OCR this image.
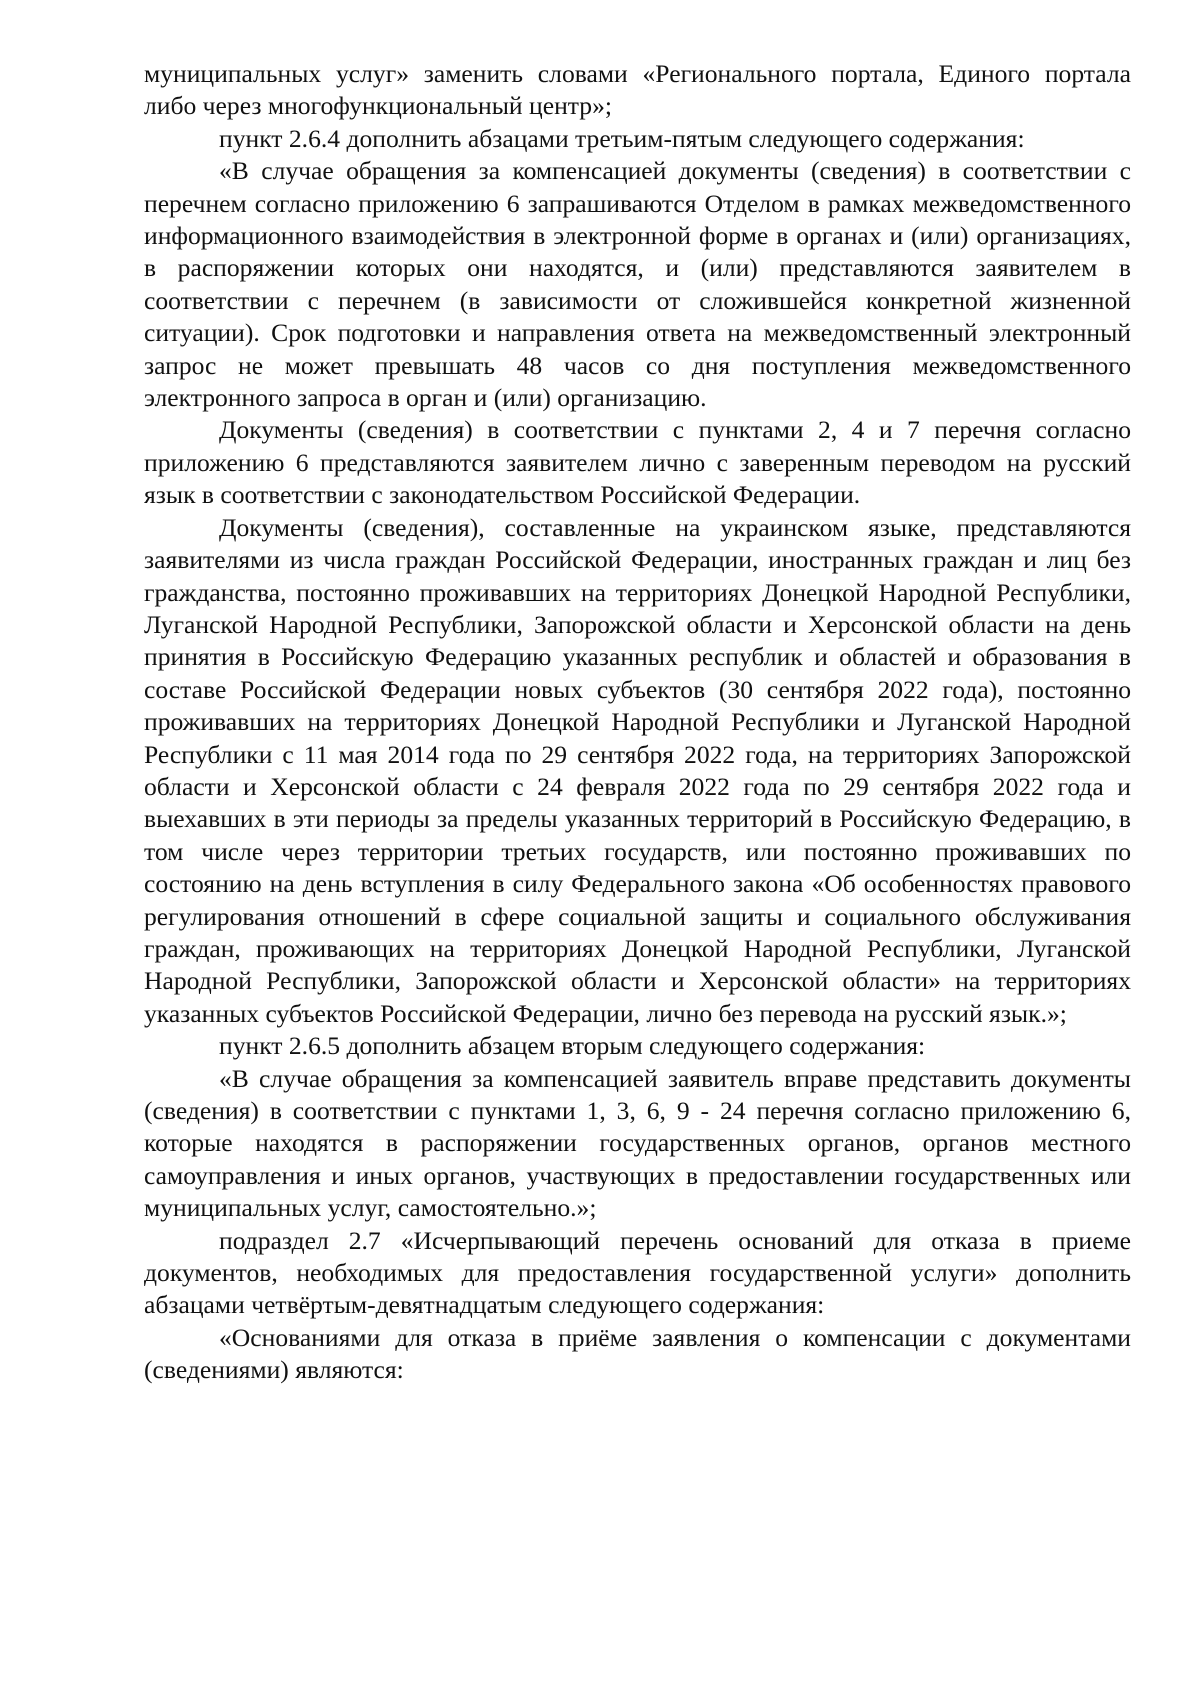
муниципальных услуг» заменить словами «Регионального портала, Единого портала либо через многофункциональный центр»;

пункт 2.6.4 дополнить абзацами третьим-пятым следующего содержания:

«В случае обращения за компенсацией документы (сведения) в соответствии с перечнем согласно приложению 6 запрашиваются Отделом в рамках межведомственного информационного взаимодействия в электронной форме в органах и (или) организациях, в распоряжении которых они находятся, и (или) представляются заявителем в соответствии с перечнем (в зависимости от сложившейся конкретной жизненной ситуации). Срок подготовки и направления ответа на межведомственный электронный запрос не может превышать 48 часов со дня поступления межведомственного электронного запроса в орган и (или) организацию.

Документы (сведения) в соответствии с пунктами 2, 4 и 7 перечня согласно приложению 6 представляются заявителем лично с заверенным переводом на русский язык в соответствии с законодательством Российской Федерации.

Документы (сведения), составленные на украинском языке, представляются заявителями из числа граждан Российской Федерации, иностранных граждан и лиц без гражданства, постоянно проживавших на территориях Донецкой Народной Республики, Луганской Народной Республики, Запорожской области и Херсонской области на день принятия в Российскую Федерацию указанных республик и областей и образования в составе Российской Федерации новых субъектов (30 сентября 2022 года), постоянно проживавших на территориях Донецкой Народной Республики и Луганской Народной Республики с 11 мая 2014 года по 29 сентября 2022 года, на территориях Запорожской области и Херсонской области с 24 февраля 2022 года по 29 сентября 2022 года и выехавших в эти периоды за пределы указанных территорий в Российскую Федерацию, в том числе через территории третьих государств, или постоянно проживавших по состоянию на день вступления в силу Федерального закона «Об особенностях правового регулирования отношений в сфере социальной защиты и социального обслуживания граждан, проживающих на территориях Донецкой Народной Республики, Луганской Народной Республики, Запорожской области и Херсонской области» на территориях указанных субъектов Российской Федерации, лично без перевода на русский язык.»;

пункт 2.6.5 дополнить абзацем вторым следующего содержания:

«В случае обращения за компенсацией заявитель вправе представить документы (сведения) в соответствии с пунктами 1, 3, 6, 9 - 24 перечня согласно приложению 6, которые находятся в распоряжении государственных органов, органов местного самоуправления и иных органов, участвующих в предоставлении государственных или муниципальных услуг, самостоятельно.»;

подраздел 2.7 «Исчерпывающий перечень оснований для отказа в приеме документов, необходимых для предоставления государственной услуги» дополнить абзацами четвёртым-девятнадцатым следующего содержания:

«Основаниями для отказа в приёме заявления о компенсации с документами (сведениями) являются:
